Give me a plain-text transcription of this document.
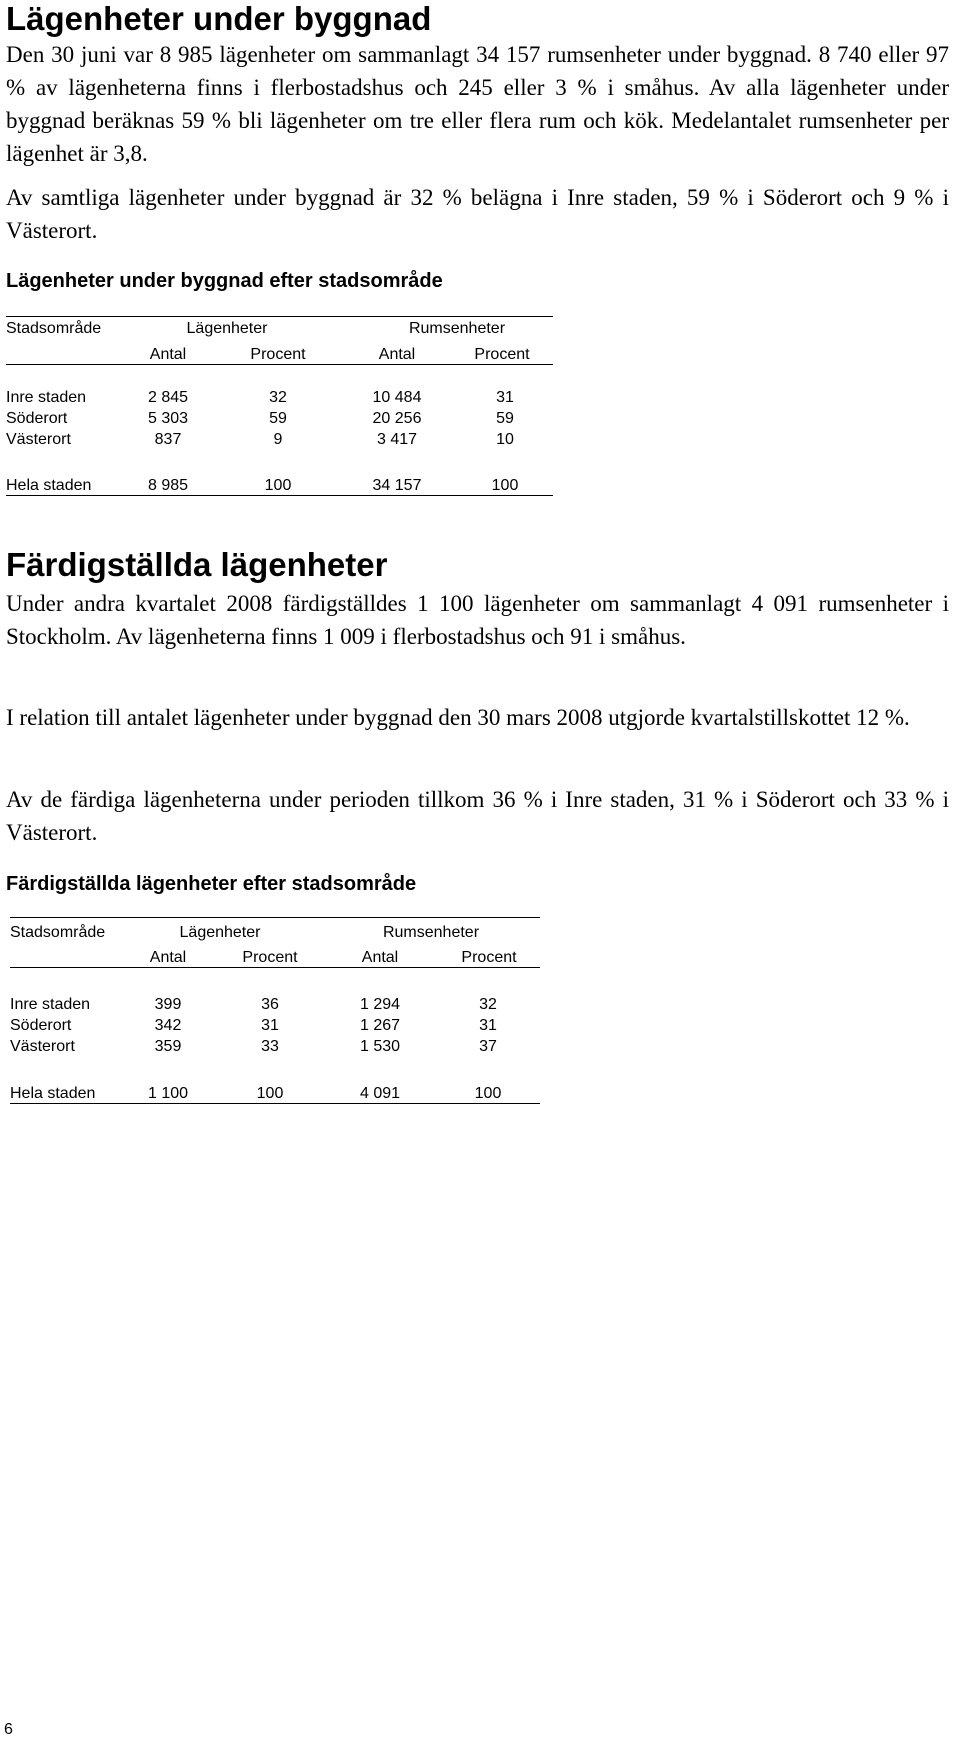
Lägenheter under byggnad
Den 30 juni var 8 985 lägenheter om sammanlagt 34 157 rumsenheter under byggnad. 8 740 eller 97 % av lägenheterna finns i flerbostadshus och 245 eller 3 % i småhus. Av alla lägenheter under byggnad beräknas 59 % bli lägenheter om tre eller flera rum och kök. Medelantalet rumsenheter per lägenhet är 3,8.
Av samtliga lägenheter under byggnad är 32 % belägna i Inre staden, 59 % i Söderort och 9 % i Västerort.
Lägenheter under byggnad efter stadsområde
Stadsområde	Lägenheter	Rumsenheter
Antal	Procent	Antal	Procent
Inre staden	2 845	32	10 484	31
Söderort	5 303	59	20 256	59
Västerort	837	9	3 417	10
Hela staden	8 985	100	34 157	100
Färdigställda lägenheter
Under andra kvartalet 2008 färdigställdes 1 100 lägenheter om sammanlagt 4 091 rumsenheter i Stockholm. Av lägenheterna finns 1 009 i flerbostadshus och 91 i småhus.
I relation till antalet lägenheter under byggnad den 30 mars 2008 utgjorde kvartalstillskottet 12 %.
Av de färdiga lägenheterna under perioden tillkom 36 % i Inre staden, 31 % i Söderort och 33 % i Västerort.
Färdigställda lägenheter efter stadsområde
Stadsområde	Lägenheter	Rumsenheter
Antal	Procent	Antal	Procent
Inre staden	399	36	1 294	32
Söderort	342	31	1 267	31
Västerort	359	33	1 530	37
Hela staden	1 100	100	4 091	100
6
